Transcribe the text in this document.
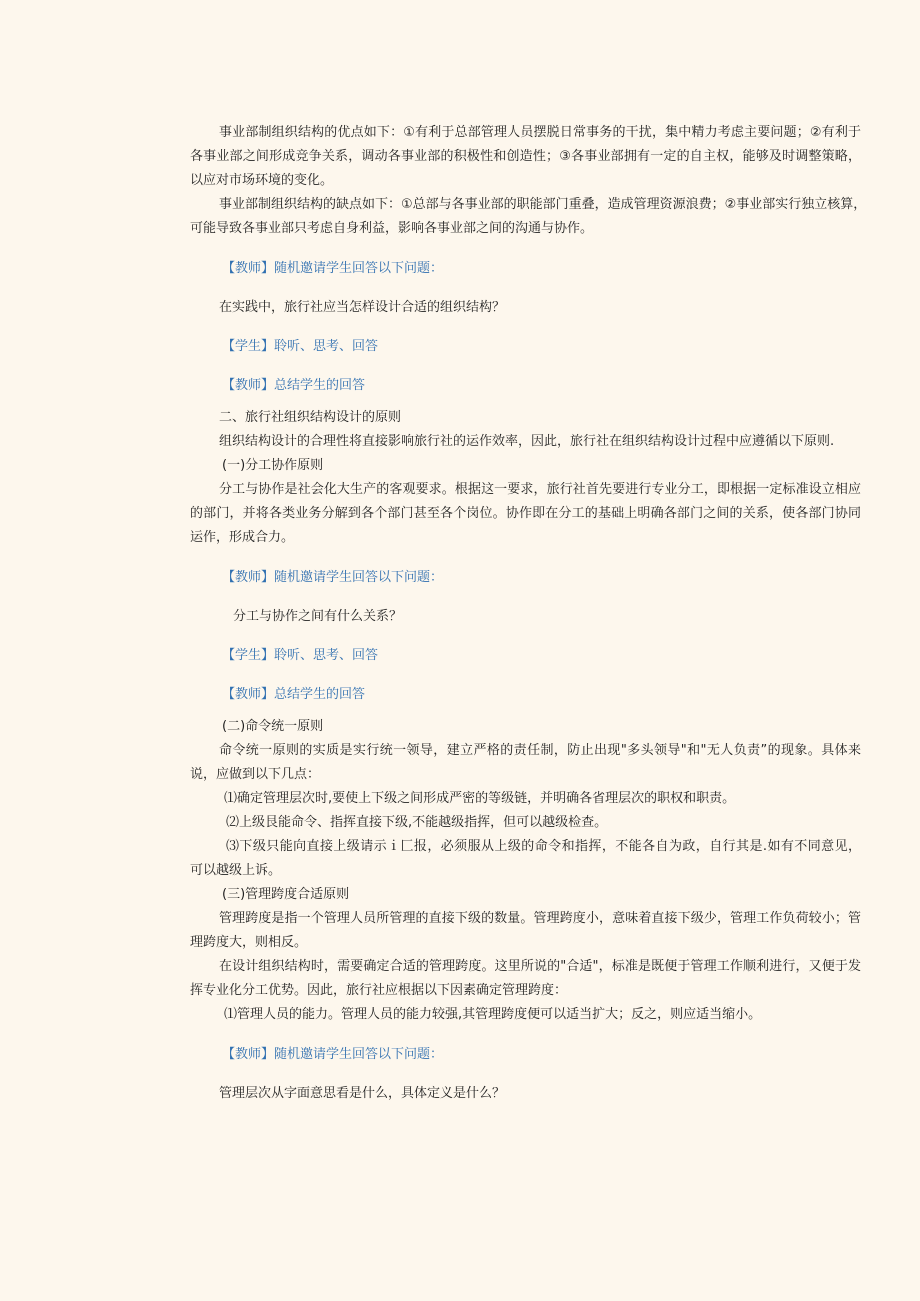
事业部制组织结构的优点如下：①有利于总部管理人员摆脱日常事务的干扰，集中精力考虑主要问题；②有利于
各事业部之间形成竞争关系，调动各事业部的积极性和创造性；③各事业部拥有一定的自主权，能够及时调整策略，
以应对市场环境的变化。
事业部制组织结构的缺点如下：①总部与各事业部的职能部门重叠，造成管理资源浪费；②事业部实行独立核算，
可能导致各事业部只考虑自身利益，影响各事业部之间的沟通与协作。
【教师】随机邀请学生回答以下问题：
在实践中，旅行社应当怎样设计合适的组织结构？
【学生】聆听、思考、回答
【教师】总结学生的回答
二、旅行社组织结构设计的原则
组织结构设计的合理性将直接影响旅行社的运作效率，因此，旅行社在组织结构设计过程中应遵循以下原则.
(一)分工协作原则
分工与协作是社会化大生产的客观要求。根据这一要求，旅行社首先要进行专业分工，即根据一定标准设立相应
的部门，并将各类业务分解到各个部门甚至各个岗位。协作即在分工的基础上明确各部门之间的关系，使各部门协同
运作，形成合力。
【教师】随机邀请学生回答以下问题：
分工与协作之间有什么关系？
【学生】聆听、思考、回答
【教师】总结学生的回答
(二)命令统一原则
命令统一原则的实质是实行统一领导，建立严格的责任制，防止出现"多头领导"和"无人负责”的现象。具体来
说，应做到以下几点：
⑴确定管理层次时,要使上下级之间形成严密的等级链，并明确各省理层次的职权和职责。
⑵上级艮能命令、指挥直接下级,不能越级指挥，但可以越级检查。
⑶下级只能向直接上级请示ｉ匚报，必须服从上级的命令和指挥，不能各自为政，自行其是.如有不同意见，
可以越级上诉。
(三)管理跨度合适原则
管理跨度是指一个管理人员所管理的直接下级的数量。管理跨度小，意味着直接下级少，管理工作负荷较小；管
理跨度大，则相反。
在设计组织结构时，需要确定合适的管理跨度。这里所说的"合适"，标准是既便于管理工作顺利进行，又便于发
挥专业化分工优势。因此，旅行社应根据以下因素确定管理跨度：
⑴管理人员的能力。管理人员的能力较强,其管理跨度便可以适当扩大；反之，则应适当缩小。
【教师】随机邀请学生回答以下问题：
管理层次从字面意思看是什么，具体定义是什么？
